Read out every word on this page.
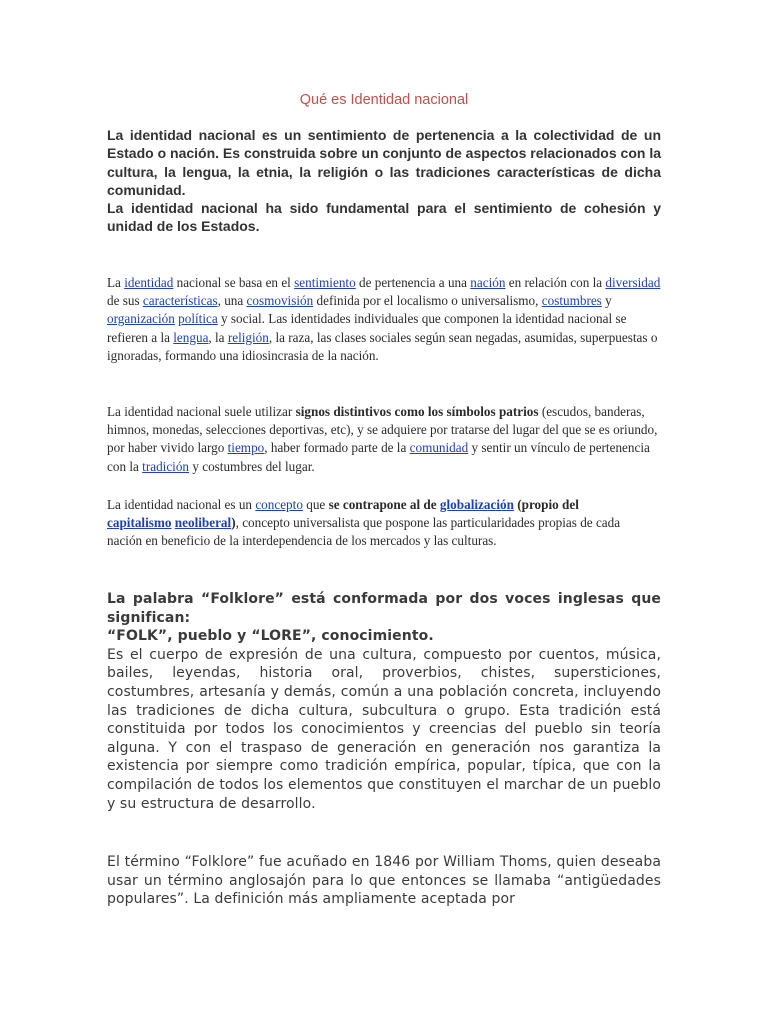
Qué es Identidad nacional

La identidad nacional es un sentimiento de pertenencia a la colectividad de un Estado o nación. Es construida sobre un conjunto de aspectos relacionados con la cultura, la lengua, la etnia, la religión o las tradiciones características de dicha comunidad.

La identidad nacional ha sido fundamental para el sentimiento de cohesión y unidad de los Estados.

La identidad nacional se basa en el sentimiento de pertenencia a una nación en relación con la diversidad de sus características, una cosmovisión definida por el localismo o universalismo, costumbres y organización política y social. Las identidades individuales que componen la identidad nacional se refieren a la lengua, la religión, la raza, las clases sociales según sean negadas, asumidas, superpuestas o ignoradas, formando una idiosincrasia de la nación.

La identidad nacional suele utilizar signos distintivos como los símbolos patrios (escudos, banderas, himnos, monedas, selecciones deportivas, etc), y se adquiere por tratarse del lugar del que se es oriundo, por haber vivido largo tiempo, haber formado parte de la comunidad y sentir un vínculo de pertenencia con la tradición y costumbres del lugar.

La identidad nacional es un concepto que se contrapone al de globalización (propio del capitalismo neoliberal), concepto universalista que pospone las particularidades propias de cada nación en beneficio de la interdependencia de los mercados y las culturas.

La palabra “Folklore” está conformada por dos voces inglesas que significan:

“FOLK”, pueblo y “LORE”, conocimiento.

Es el cuerpo de expresión de una cultura, compuesto por cuentos, música, bailes, leyendas, historia oral, proverbios, chistes, supersticiones, costumbres, artesanía y demás, común a una población concreta, incluyendo las tradiciones de dicha cultura, subcultura o grupo. Esta tradición está constituida por todos los conocimientos y creencias del pueblo sin teoría alguna. Y con el traspaso de generación en generación nos garantiza la existencia por siempre como tradición empírica, popular, típica, que con la compilación de todos los elementos que constituyen el marchar de un pueblo y su estructura de desarrollo.

El término “Folklore” fue acuñado en 1846 por William Thoms, quien deseaba usar un término anglosajón para lo que entonces se llamaba “antigüedades populares”. La definición más ampliamente aceptada por
